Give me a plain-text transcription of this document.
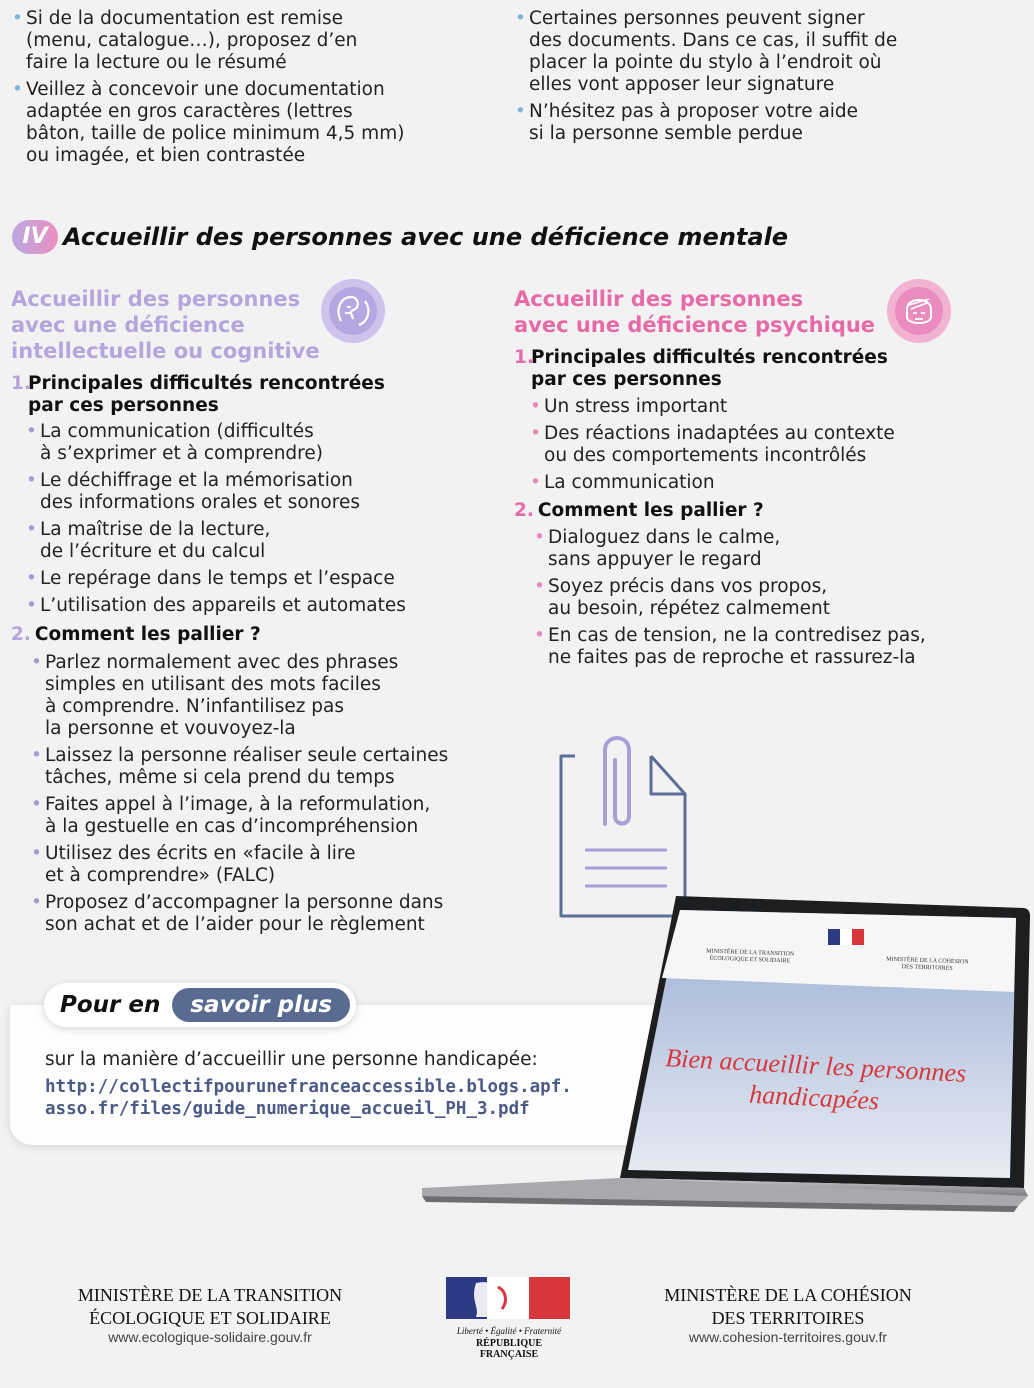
• Si de la documentation est remise
(menu, catalogue…), proposez d’en
faire la lecture ou le résumé
• Veillez à concevoir une documentation
adaptée en gros caractères (lettres
bâton, taille de police minimum 4,5 mm)
ou imagée, et bien contrastée
• Certaines personnes peuvent signer
des documents. Dans ce cas, il suffit de
placer la pointe du stylo à l’endroit où
elles vont apposer leur signature
• N’hésitez pas à proposer votre aide
si la personne semble perdue
IV Accueillir des personnes avec une déficience mentale
Accueillir des personnes
avec une déficience
intellectuelle ou cognitive
1.
Principales difficultés rencontrées
par ces personnes
• La communication (difficultés
à s’exprimer et à comprendre)
• Le déchiffrage et la mémorisation
des informations orales et sonores
• La maîtrise de la lecture,
de l’écriture et du calcul
• Le repérage dans le temps et l’espace
• L’utilisation des appareils et automates
2. Comment les pallier ?
• Parlez normalement avec des phrases
simples en utilisant des mots faciles
à comprendre. N’infantilisez pas
la personne et vouvoyez-la
• Laissez la personne réaliser seule certaines
tâches, même si cela prend du temps
• Faites appel à l’image, à la reformulation,
à la gestuelle en cas d’incompréhension
• Utilisez des écrits en «facile à lire
et à comprendre» (FALC)
• Proposez d’accompagner la personne dans
son achat et de l’aider pour le règlement
Accueillir des personnes
avec une déficience psychique
1.
Principales difficultés rencontrées
par ces personnes
• Un stress important
• Des réactions inadaptées au contexte
ou des comportements incontrôlés
• La communication
2. Comment les pallier ?
• Dialoguez dans le calme,
sans appuyer le regard
• Soyez précis dans vos propos,
au besoin, répétez calmement
• En cas de tension, ne la contredisez pas,
ne faites pas de reproche et rassurez-la
Pour en	savoir plus
sur la manière d’accueillir une personne handicapée:
http://collectifpourunefranceaccessible.blogs.apf.
asso.fr/files/guide_numerique_accueil_PH_3.pdf
MINISTÈRE DE LA TRANSITION
ÉCOLOGIQUE ET SOLIDAIRE	MINISTÈRE DE LA COHÉSION
DES TERRITOIRES
Bien accueillir les personnes
handicapées
MINISTÈRE DE LA TRANSITION
ÉCOLOGIQUE ET SOLIDAIRE
www.ecologique-solidaire.gouv.fr	Liberté • Égalité • Fraternité
RÉPUBLIQUE FRANÇAISE
MINISTÈRE DE LA COHÉSION
DES TERRITOIRES
www.cohesion-territoires.gouv.fr
